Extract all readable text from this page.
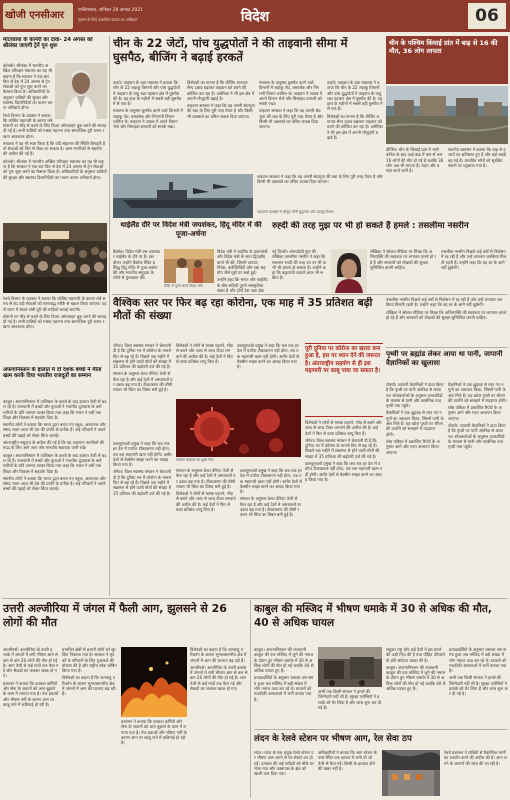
खोजी एनसीआर	गाजियाबाद, शनिवार 28 अगस्त 2021
सूचना के लिए प्रकाशित पाठक का अधिकार	विदेश	06
मोटरवाया के कानेरी का दावा- 24 अगस्त को श्रीलंका जाएगी ट्रेनें पुन शुरू

कोलंबो। श्रीलंका में भारतीय अखिल परिवहन मंत्रालय का यह भी कहना है कि सरकार ने एक बार फिर से देश में 24 अगस्त से ट्रेन सेवाओं को पुनः शुरू करने का फैसला किया है। अधिकारियों के अनुसार यात्रियों की सुरक्षा और स्वास्थ्य दिशानिर्देशों का पालन करना अनिवार्य होगा।

रेलवे विभाग के प्रवक्ता ने बताया कि कोविड महामारी के कारण लंबे

स्टेशनों पर भीड़ से बचने के लिए टिकट ऑनलाइन बुक करने की सलाह दी गई है। सभी यात्रियों को मास्क पहनना तथा सामाजिक दूरी बनाए रखना आवश्यक होगा।

मंत्रालय ने यह भी स्पष्ट किया है कि यदि संक्रमण की स्थिति बिगड़ती है तो सेवाओं को फिर से रोका जा सकता है। आम नागरिकों से सहयोग की अपील की गई है।

कोलंबो। श्रीलंका में भारतीय अखिल परिवहन मंत्रालय का यह भी कहना है कि सरकार ने एक बार फिर से देश में 24 अगस्त से ट्रेन सेवाओं को पुनः शुरू करने का फैसला किया है। अधिकारियों के अनुसार यात्रियों की सुरक्षा और स्वास्थ्य दिशानिर्देशों का पालन करना अनिवार्य होगा।

रेलवे विभाग के प्रवक्ता ने बताया कि कोविड महामारी के कारण लंबे समय से बंद पड़ी सेवाओं को चरणबद्ध तरीके से बहाल किया जाएगा। पहले चरण में केवल लंबी दूरी की गाड़ियाँ चलाई जाएंगी।

स्टेशनों पर भीड़ से बचने के लिए टिकट ऑनलाइन बुक करने की सलाह दी गई है। सभी यात्रियों को मास्क पहनना तथा सामाजिक दूरी बनाए रखना आवश्यक होगा।

अफगानिस्तान के हालात में दो दशक बच्चों ने मीता खत्म करके दिया भारतीय राजदूतों का सम्मान

काबुल। अफगानिस्तान में तालिबान के कब्जे के बाद हालात तेजी से बदल रहे हैं। राजधानी में बच्चों और युवाओं ने भारतीय दूतावास के कर्मचारियों के प्रति आभार व्यक्त किया तथा कहा कि भारत ने वर्षों तक शिक्षा और विकास में सहयोग दिया है।

स्थानीय लोगों ने बताया कि भारत द्वारा बनाए गए स्कूल, अस्पताल और संसद भवन आज भी देश की प्रगति के प्रतीक हैं। कई परिवारों ने अपने बच्चों की पढ़ाई को लेकर चिंता जताई।

अंतरराष्ट्रीय समुदाय से अपील की गई है कि वह अफगान नागरिकों की मदद के लिए आगे आए और मानवीय सहायता जारी रखे।

काबुल। अफगानिस्तान में तालिबान के कब्जे के बाद हालात तेजी से बदल रहे हैं। राजधानी में बच्चों और युवाओं ने भारतीय दूतावास के कर्मचारियों के प्रति आभार व्यक्त किया तथा कहा कि भारत ने वर्षों तक शिक्षा और विकास में सहयोग दिया है।

स्थानीय लोगों ने बताया कि भारत द्वारा बनाए गए स्कूल, अस्पताल और संसद भवन आज भी देश की प्रगति के प्रतीक हैं। कई परिवारों ने अपने बच्चों की पढ़ाई को लेकर चिंता जताई।

चीन के 22 जेटों, पांच युद्धपोतों ने की ताइवानी सीमा में घुसपैठ, बीजिंग ने बढ़ाई हरकतें

ताइपे। ताइवान के रक्षा मंत्रालय ने बताया कि चीन के 22 लड़ाकू विमानों और पांच युद्धपोतों ने ताइवान के वायु रक्षा पहचान क्षेत्र में घुसपैठ की है। यह हाल के महीनों में सबसे बड़ी घुसपैठ में से एक है।

मंत्रालय के अनुसार घुसपैठ करने वाले विमानों में लड़ाकू जेट, बमवर्षक और निगरानी विमान शामिल थे। ताइवान ने जवाब में अपने विमान भेजे और मिसाइल प्रणाली को सतर्क रखा।

विशेषज्ञों का मानना है कि बीजिंग लगातार सैन्य दबाव बढ़ाकर ताइवान को डराने की कोशिश कर रहा है। अमेरिका ने भी इस क्षेत्र में अपनी मौजूदगी बढ़ाई है।

ताइवान सरकार ने कहा कि वह अपनी संप्रभुता की रक्षा के लिए पूरी तरह तैयार है और किसी भी उकसावे का उचित जवाब दिया जाएगा।

मंत्रालय के अनुसार घुसपैठ करने वाले विमानों में लड़ाकू जेट, बमवर्षक और निगरानी विमान शामिल थे। ताइवान ने जवाब में अपने विमान भेजे और मिसाइल प्रणाली को सतर्क रखा।

ताइवान सरकार ने कहा कि वह अपनी संप्रभुता की रक्षा के लिए पूरी तरह तैयार है और किसी भी उकसावे का उचित जवाब दिया जाएगा।

ताइपे। ताइवान के रक्षा मंत्रालय ने बताया कि चीन के 22 लड़ाकू विमानों और पांच युद्धपोतों ने ताइवान के वायु रक्षा पहचान क्षेत्र में घुसपैठ की है। यह हाल के महीनों में सबसे बड़ी घुसपैठ में से एक है।

विशेषज्ञों का मानना है कि बीजिंग लगातार सैन्य दबाव बढ़ाकर ताइवान को डराने की कोशिश कर रहा है। अमेरिका ने भी इस क्षेत्र में अपनी मौजूदगी बढ़ाई है।

ताइवान सरकार ने कहा कि वह अपनी संप्रभुता की रक्षा के लिए पूरी तरह तैयार है और किसी भी उकसावे का उचित जवाब दिया जाएगा।

ताइवानी जलक्षेत्र में मौजूद चीनी युद्धपोत और लड़ाकू विमान
चीन के पश्चिम किंघाई प्रांत में बाढ़ से 16 की मौत, 36 लोग लापता

बीजिंग। चीन के किंघाई प्रांत में भारी बारिश के बाद आई बाढ़ में कम से कम 16 लोगों की मौत हो गई है जबकि 36 लोग अब भी लापता हैं। राहत और बचाव कार्य जारी है।

स्थानीय प्रशासन ने बताया कि बाढ़ से हजारों घर क्षतिग्रस्त हुए हैं और कई सड़कें बह गई हैं। प्रभावित लोगों को सुरक्षित स्थानों पर पहुंचाया गया है।

थाईलैंड दौरे पर विदेश मंत्री जयशंकर, हिंदू मंदिर में की पूजा-अर्चना

बैंकॉक। विदेश मंत्री एस जयशंकर थाईलैंड के दौरे पर हैं। इस दौरान उन्होंने बैंकॉक स्थित प्रसिद्ध हिंदू मंदिर में पूजा-अर्चना की और भारतीय समुदाय के लोगों से मुलाकात की।

मंदिर में पूजा करते विदेश मंत्री

विदेश मंत्री ने थाईलैंड के प्रधानमंत्री और विदेश मंत्री के साथ द्विपक्षीय वार्ता भी की, जिसमें व्यापार, निवेश, कनेक्टिविटी और रक्षा सहयोग जैसे मुद्दों पर चर्चा हुई।

उन्होंने कहा कि भारत और थाईलैंड के बीच सदियों पुराने सांस्कृतिक संबंध हैं और दोनों देश एक्ट ईस्ट

रुह्दी की तरह मुझ पर भी हो सकते हैं हमले : तसलीमा नसरीन

नई दिल्ली। बांग्लादेशी मूल की लेखिका तसलीमा नसरीन ने कहा कि सलमान रुश्दी की तरह उन पर भी कभी भी हमला हो सकता है। उन्होंने कहा कि कट्टरपंथी ताकतें आज भी सक्रिय हैं।

लेखिका ने सोशल मीडिया पर लिखा कि अभिव्यक्ति की स्वतंत्रता पर लगातार हमले हो रहे हैं और सरकारों को लेखकों की सुरक्षा सुनिश्चित करनी चाहिए।

तसलीमा नसरीन पिछले कई वर्षों से निर्वासन में रह रही हैं और उन्हें लगातार धमकियां मिलती रहती हैं। उन्होंने कहा कि वह डर के आगे नहीं झुकेंगी।

वैश्विक स्तर पर फिर बढ़ रहा कोरोना, एक माह में 35 प्रतिशत बढ़ी मौतों की संख्या

जेनेवा। विश्व स्वास्थ्य संगठन ने चेतावनी दी है कि दुनिया भर में कोरोना के मामले फिर से बढ़ रहे हैं। पिछले एक महीने में संक्रमण से होने वाली मौतों की संख्या में 35 प्रतिशत की बढ़ोतरी दर्ज की गई है।

संगठन के अनुसार डेल्टा वेरिएंट तेजी से फैल रहा है और कई देशों में अस्पतालों पर दबाव बढ़ गया है। टीकाकरण की धीमी रफ्तार भी चिंता का विषय बनी हुई है।

विशेषज्ञों ने लोगों से मास्क पहनने, भीड़ से बचने और जल्द से जल्द टीका लगवाने की अपील की है। कई देशों ने फिर से यात्रा प्रतिबंध लागू किए हैं।

डब्ल्यूएचओ प्रमुख ने कहा कि जब तक हर देश में पर्याप्त टीकाकरण नहीं होता, तब तक महामारी खत्म नहीं होगी। अमीर देशों से वैक्सीन साझा करने का आग्रह किया गया है।

कोरोना वायरस का सूक्ष्म चित्र

डब्ल्यूएचओ प्रमुख ने कहा कि जब तक हर देश में पर्याप्त टीकाकरण नहीं होता, तब तक महामारी खत्म नहीं होगी। अमीर देशों से वैक्सीन साझा करने का आग्रह किया गया है।

जेनेवा। विश्व स्वास्थ्य संगठन ने चेतावनी दी है कि दुनिया भर में कोरोना के मामले फिर से बढ़ रहे हैं। पिछले एक महीने में संक्रमण से होने वाली मौतों की संख्या में 35 प्रतिशत की बढ़ोतरी दर्ज की गई है।

संगठन के अनुसार डेल्टा वेरिएंट तेजी से फैल रहा है और कई देशों में अस्पतालों पर दबाव बढ़ गया है। टीकाकरण की धीमी रफ्तार भी चिंता का विषय बनी हुई है।

विशेषज्ञों ने लोगों से मास्क पहनने, भीड़ से बचने और जल्द से जल्द टीका लगवाने की अपील की है। कई देशों ने फिर से यात्रा प्रतिबंध लागू किए हैं।

डब्ल्यूएचओ प्रमुख ने कहा कि जब तक हर देश में पर्याप्त टीकाकरण नहीं होता, तब तक महामारी खत्म नहीं होगी। अमीर देशों से वैक्सीन साझा करने का आग्रह किया गया है।

संगठन के अनुसार डेल्टा वेरिएंट तेजी से फैल रहा है और कई देशों में अस्पतालों पर दबाव बढ़ गया है। टीकाकरण की धीमी रफ्तार भी चिंता का विषय बनी हुई है।

पूरी दुनिया पर कोरोना का खतरा बना हुआ है, इस पर ध्यान देने की जरूरत है। अंतरराष्ट्रीय सहयोग से ही इस महामारी पर काबू पाया जा सकता है।

विशेषज्ञों ने लोगों से मास्क पहनने, भीड़ से बचने और जल्द से जल्द टीका लगवाने की अपील की है। कई देशों ने फिर से यात्रा प्रतिबंध लागू किए हैं।

जेनेवा। विश्व स्वास्थ्य संगठन ने चेतावनी दी है कि दुनिया भर में कोरोना के मामले फिर से बढ़ रहे हैं। पिछले एक महीने में संक्रमण से होने वाली मौतों की संख्या में 35 प्रतिशत की बढ़ोतरी दर्ज की गई है।

डब्ल्यूएचओ प्रमुख ने कहा कि जब तक हर देश में पर्याप्त टीकाकरण नहीं होता, तब तक महामारी खत्म नहीं होगी। अमीर देशों से वैक्सीन साझा करने का आग्रह किया गया है।

तसलीमा नसरीन पिछले कई वर्षों से निर्वासन में रह रही हैं और उन्हें लगातार धमकियां मिलती रहती हैं। उन्होंने कहा कि वह डर के आगे नहीं झुकेंगी।

लेखिका ने सोशल मीडिया पर लिखा कि अभिव्यक्ति की स्वतंत्रता पर लगातार हमले हो रहे हैं और सरकारों को लेखकों की सुरक्षा सुनिश्चित करनी चाहिए।

पृथ्वी पर ब्रह्मांड लेकर आया था पानी, जापानी वैज्ञानिकों का खुलासा

टोक्यो। जापानी वैज्ञानिकों ने दावा किया है कि पृथ्वी पर पानी अंतरिक्ष से आया था। शोधकर्ताओं के अनुसार उल्कापिंडों के माध्यम से पानी और कार्बनिक तत्व पृथ्वी तक पहुंचे।

वैज्ञानिकों ने एक क्षुद्रग्रह से लाए गए नमूनों का अध्ययन किया, जिसमें पानी के अंश मिले हैं। यह खोज पृथ्वी पर जीवन की उत्पत्ति को समझने में मददगार होगी।

शोध पत्रिका में प्रकाशित रिपोर्ट के अनुसार आगे और गहन अध्ययन किया जाएगा।

वैज्ञानिकों ने एक क्षुद्रग्रह से लाए गए नमूनों का अध्ययन किया, जिसमें पानी के अंश मिले हैं। यह खोज पृथ्वी पर जीवन की उत्पत्ति को समझने में मददगार होगी।

शोध पत्रिका में प्रकाशित रिपोर्ट के अनुसार आगे और गहन अध्ययन किया जाएगा।

टोक्यो। जापानी वैज्ञानिकों ने दावा किया है कि पृथ्वी पर पानी अंतरिक्ष से आया था। शोधकर्ताओं के अनुसार उल्कापिंडों के माध्यम से पानी और कार्बनिक तत्व पृथ्वी तक पहुंचे।

उत्तरी अल्जीरिया में जंगल में फैली आग, झुलसने से 26 लोगों की मौत

अल्जीयर्स। अल्जीरिया के उत्तरी इलाके में जंगलों में लगी भीषण आग से कम से कम 26 लोगों की मौत हो गई है। आग तेजी से कई गांवों तक फैल गई और सैकड़ों घर जलकर खाक हो गए।

प्रशासन ने बताया कि दमकल कर्मियों और सेना के जवानों को आग बुझाने के काम में लगाया गया है। तेज हवाओं और भीषण गर्मी के कारण आग पर काबू पाने में कठिनाई हो रही है।

प्रभावित क्षेत्रों से हजारों लोगों को सुरक्षित निकाला गया है। सरकार ने मृतकों के परिजनों के लिए मुआवजे की घोषणा की है और राष्ट्रीय शोक घोषित किया गया है।

विशेषज्ञों का कहना है कि जलवायु परिवर्तन के कारण भूमध्यसागरीय क्षेत्र में जंगलों में आग की घटनाएं बढ़ रही हैं।

प्रशासन ने बताया कि दमकल कर्मियों और सेना के जवानों को आग बुझाने के काम में लगाया गया है। तेज हवाओं और भीषण गर्मी के कारण आग पर काबू पाने में कठिनाई हो रही है।

विशेषज्ञों का कहना है कि जलवायु परिवर्तन के कारण भूमध्यसागरीय क्षेत्र में जंगलों में आग की घटनाएं बढ़ रही हैं।

अल्जीयर्स। अल्जीरिया के उत्तरी इलाके में जंगलों में लगी भीषण आग से कम से कम 26 लोगों की मौत हो गई है। आग तेजी से कई गांवों तक फैल गई और सैकड़ों घर जलकर खाक हो गए।

काबुल की मस्जिद में भीषण धमाके में 30 से अधिक की मौत, 40 से अधिक घायल

काबुल। अफगानिस्तान की राजधानी काबुल की एक मस्जिद में जुमे की नमाज के दौरान हुए भीषण धमाके में 30 से अधिक लोगों की मौत हो गई जबकि 40 से अधिक घायल हुए हैं।

प्रत्यक्षदर्शियों के अनुसार धमाका उस समय हुआ जब मस्जिद में बड़ी संख्या में लोग नमाज अदा कर रहे थे। घायलों को नजदीकी अस्पतालों में भर्ती कराया गया है।

अभी तक किसी संगठन ने हमले की जिम्मेदारी नहीं ली है। सुरक्षा एजेंसियों ने इलाके को घेर लिया है और जांच शुरू कर दी गई है।

संयुक्त राष्ट्र और कई देशों ने इस हमले की कड़ी निंदा की है तथा पीड़ित परिवारों के प्रति संवेदना व्यक्त की है।

काबुल। अफगानिस्तान की राजधानी काबुल की एक मस्जिद में जुमे की नमाज के दौरान हुए भीषण धमाके में 30 से अधिक लोगों की मौत हो गई जबकि 40 से अधिक घायल हुए हैं।

प्रत्यक्षदर्शियों के अनुसार धमाका उस समय हुआ जब मस्जिद में बड़ी संख्या में लोग नमाज अदा कर रहे थे। घायलों को नजदीकी अस्पतालों में भर्ती कराया गया है।

अभी तक किसी संगठन ने हमले की जिम्मेदारी नहीं ली है। सुरक्षा एजेंसियों ने इलाके को घेर लिया है और जांच शुरू कर दी गई है।

लंदन के रेलवे स्टेशन पर भीषण आग, रेल सेवा ठप

लंदन। लंदन के एक प्रमुख रेलवे स्टेशन पर भीषण आग लगने से रेल सेवाएं ठप हो गईं। दमकल की कई गाड़ियों को मौके पर भेजा गया और आसपास के क्षेत्र को खाली करा दिया गया।

अधिकारियों ने बताया कि आग स्टेशन के पास स्थित एक इमारत में लगी थी जो तेजी से फैल गई। किसी के हताहत होने की खबर नहीं है।

रेलवे प्रशासन ने यात्रियों से वैकल्पिक मार्गों का उपयोग करने की अपील की है। आग लगने के कारणों की जांच की जा रही है।
